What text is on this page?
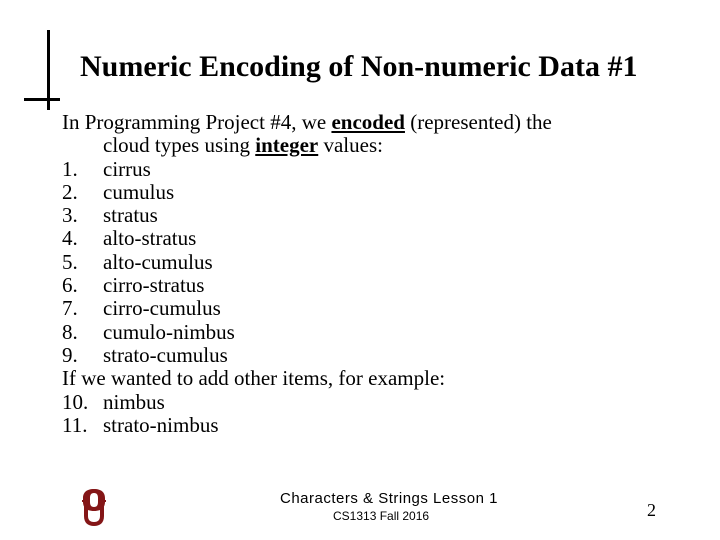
Numeric Encoding of Non-numeric Data #1
In Programming Project #4, we encoded (represented) the
cloud types using integer values:
1. cirrus
2. cumulus
3. stratus
4. alto-stratus
5. alto-cumulus
6. cirro-stratus
7. cirro-cumulus
8. cumulo-nimbus
9. strato-cumulus
If we wanted to add other items, for example:
10. nimbus
11. strato-nimbus
Characters & Strings Lesson 1
CS1313 Fall 2016	2
